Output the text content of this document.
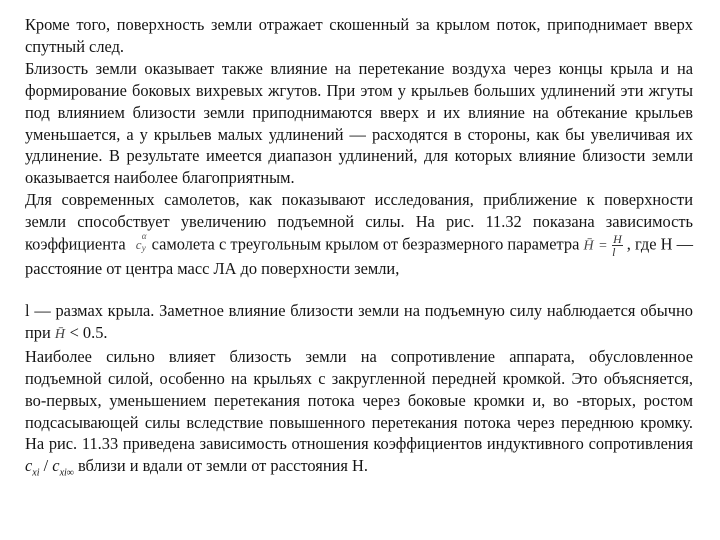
Кроме того, поверхность земли отражает скошенный за крылом поток, приподнимает вверх спутный след.

Близость земли оказывает также влияние на перетекание воздуха через концы крыла и на формирование боковых вихревых жгутов. При этом у крыльев больших удлинений эти жгуты под влиянием близости земли приподнимаются вверх и их влияние на обтекание крыльев уменьшается, а у крыльев малых удлинений — расходятся в стороны, как бы увеличивая их удлинение. В результате имеется диапазон удлинений, для которых влияние близости земли оказывается наиболее благоприятным.

Для современных самолетов, как показывают исследования, приближение к поверхности земли способствует увеличению подъемной силы. На рис. 11.32 показана зависимость коэффициента c
α
y самолета с треугольным крылом от безразмерного параметра H̄ = $\frac{H}{l}$ , где H — расстояние от центра масс ЛА до поверхности земли,

l — размах крыла. Заметное влияние близости земли на подъемную силу наблюдается обычно при H̄ < 0.5.

Наиболее сильно влияет близость земли на сопротивление аппарата, обусловленное подъемной силой, особенно на крыльях с закругленной передней кромкой. Это объясняется, во-первых, уменьшением перетекания потока через боковые кромки и, во -вторых, ростом подсасывающей силы вследствие повышенного перетекания потока через переднюю кромку. На рис. 11.33 приведена зависимость отношения коэффициентов индуктивного сопротивления $c_{xi} / c_{xi\infty}$ вблизи и вдали от земли от расстояния H.
